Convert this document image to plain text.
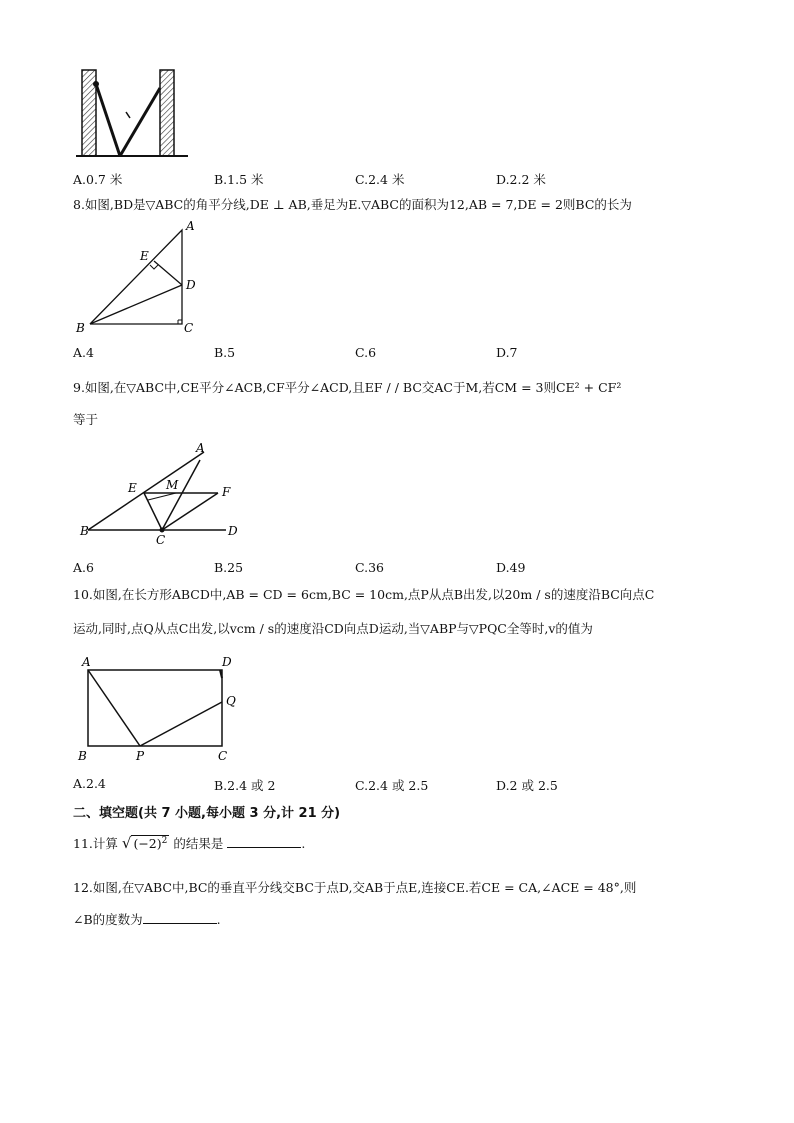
A.0.7 米	B.1.5 米	C.2.4 米	D.2.2 米
8.如图,BD是▽ABC的角平分线,DE ⊥ AB,垂足为E.▽ABC的面积为12,AB = 7,DE = 2则BC的长为
A
E
D
B	C
A.4	B.5	C.6	D.7
9.如图,在▽ABC中,CE平分∠ACB,CF平分∠ACD,且EF / / BC交AC于M,若CM = 3则CE² + CF²
等于
A
E M	F
B
C
D
A.6	B.25	C.36	D.49
10.如图,在长方形ABCD中,AB = CD = 6cm,BC = 10cm,点P从点B出发,以20m / s的速度沿BC向点C
运动,同时,点Q从点C出发,以vcm / s的速度沿CD向点D运动,当▽ABP与▽PQC全等时,v的值为
A	D
Q
B	P	C
A.2.4	B.2.4 或 2	C.2.4 或 2.5	D.2 或 2.5
二、填空题(共 7 小题,每小题 3 分,计 21 分)
11.计算 √ $(-2)^2$ 的结果是	.
12.如图,在▽ABC中,BC的垂直平分线交BC于点D,交AB于点E,连接CE.若CE = CA,∠ACE = 48°,则
∠B的度数为	.
